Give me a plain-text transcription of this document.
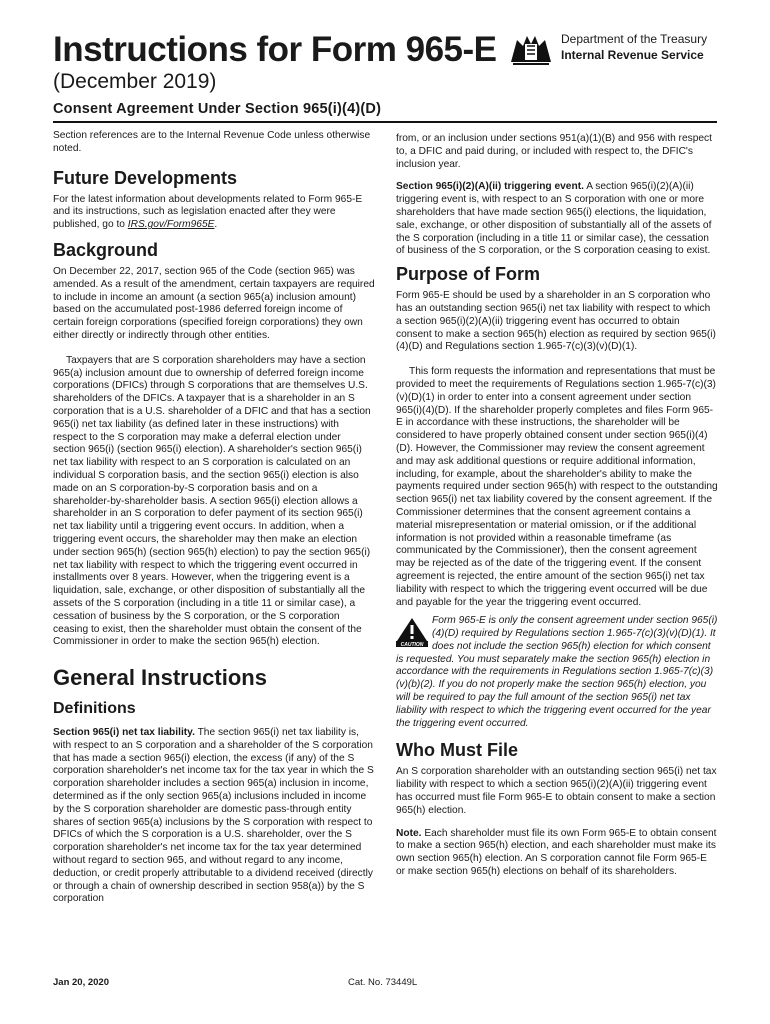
Instructions for Form 965-E
(December 2019)
Consent Agreement Under Section 965(i)(4)(D)
Department of the Treasury
Internal Revenue Service

Section references are to the Internal Revenue Code unless otherwise noted.

Future Developments

For the latest information about developments related to Form 965-E and its instructions, such as legislation enacted after they were published, go to IRS.gov/Form965E.

Background

On December 22, 2017, section 965 of the Code (section 965) was amended. As a result of the amendment, certain taxpayers are required to include in income an amount (a section 965(a) inclusion amount) based on the accumulated post-1986 deferred foreign income of certain foreign corporations (specified foreign corporations) they own either directly or indirectly through other entities.

Taxpayers that are S corporation shareholders may have a section 965(a) inclusion amount due to ownership of deferred foreign income corporations (DFICs) through S corporations that are themselves U.S. shareholders of the DFICs. A taxpayer that is a shareholder in an S corporation that is a U.S. shareholder of a DFIC and that has a section 965(i) net tax liability (as defined later in these instructions) with respect to the S corporation may make a deferral election under section 965(i) (section 965(i) election). A shareholder's section 965(i) net tax liability with respect to an S corporation is calculated on an individual S corporation basis, and the section 965(i) election is also made on an S corporation-by-S corporation basis and on a shareholder-by-shareholder basis. A section 965(i) election allows a shareholder in an S corporation to defer payment of its section 965(i) net tax liability until a triggering event occurs. In addition, when a triggering event occurs, the shareholder may then make an election under section 965(h) (section 965(h) election) to pay the section 965(i) net tax liability with respect to which the triggering event occurred in installments over 8 years. However, when the triggering event is a liquidation, sale, exchange, or other disposition of substantially all the assets of the S corporation (including in a title 11 or similar case), a cessation of business by the S corporation, or the S corporation ceasing to exist, then the shareholder must obtain the consent of the Commissioner in order to make the section 965(h) election.

General Instructions
Definitions

Section 965(i) net tax liability. The section 965(i) net tax liability is, with respect to an S corporation and a shareholder of the S corporation that has made a section 965(i) election, the excess (if any) of the S corporation shareholder's net income tax for the tax year in which the S corporation shareholder includes a section 965(a) inclusion in income, determined as if the only section 965(a) inclusions included in income by the S corporation shareholder are domestic pass-through entity shares of section 965(a) inclusions by the S corporation with respect to DFICs of which the S corporation is a U.S. shareholder, over the S corporation shareholder's net income tax for the tax year determined without regard to section 965, and without regard to any income, deduction, or credit properly attributable to a dividend received (directly or through a chain of ownership described in section 958(a)) by the S corporation

from, or an inclusion under sections 951(a)(1)(B) and 956 with respect to, a DFIC and paid during, or included with respect to, the DFIC's inclusion year.

Section 965(i)(2)(A)(ii) triggering event. A section 965(i)(2)(A)(ii) triggering event is, with respect to an S corporation with one or more shareholders that have made section 965(i) elections, the liquidation, sale, exchange, or other disposition of substantially all of the assets of the S corporation (including in a title 11 or similar case), the cessation of business of the S corporation, or the S corporation ceasing to exist.

Purpose of Form

Form 965-E should be used by a shareholder in an S corporation who has an outstanding section 965(i) net tax liability with respect to which a section 965(i)(2)(A)(ii) triggering event has occurred to obtain consent to make a section 965(h) election as required by section 965(i)(4)(D) and Regulations section 1.965-7(c)(3)(v)(D)(1).

This form requests the information and representations that must be provided to meet the requirements of Regulations section 1.965-7(c)(3)(v)(D)(1) in order to enter into a consent agreement under section 965(i)(4)(D). If the shareholder properly completes and files Form 965-E in accordance with these instructions, the shareholder will be considered to have properly obtained consent under section 965(i)(4)(D). However, the Commissioner may review the consent agreement and may ask additional questions or require additional information, including, for example, about the shareholder's ability to make the payments required under section 965(h) with respect to the outstanding section 965(i) net tax liability covered by the consent agreement. If the Commissioner determines that the consent agreement contains a material misrepresentation or material omission, or if the additional information is not provided within a reasonable timeframe (as communicated by the Commissioner), then the consent agreement may be rejected as of the date of the triggering event. If the consent agreement is rejected, the entire amount of the section 965(i) net tax liability with respect to which the triggering event occurred will be due and payable for the year the triggering event occurred.

CAUTION
Form 965-E is only the consent agreement under section 965(i)(4)(D) required by Regulations section 1.965-7(c)(3)(v)(D)(1). It does not include the section 965(h) election for which consent is requested. You must separately make the section 965(h) election in accordance with the requirements in Regulations section 1.965-7(c)(3)(v)(b)(2). If you do not properly make the section 965(h) election, you will be required to pay the full amount of the section 965(i) net tax liability with respect to which the triggering event occurred for the year the triggering event occurred.
Who Must File

An S corporation shareholder with an outstanding section 965(i) net tax liability with respect to which a section 965(i)(2)(A)(ii) triggering event has occurred must file Form 965-E to obtain consent to make a section 965(h) election.

Note. Each shareholder must file its own Form 965-E to obtain consent to make a section 965(h) election, and each shareholder must make its own section 965(h) election. An S corporation cannot file Form 965-E or make section 965(h) elections on behalf of its shareholders.

Jan 20, 2020	Cat. No. 73449L
